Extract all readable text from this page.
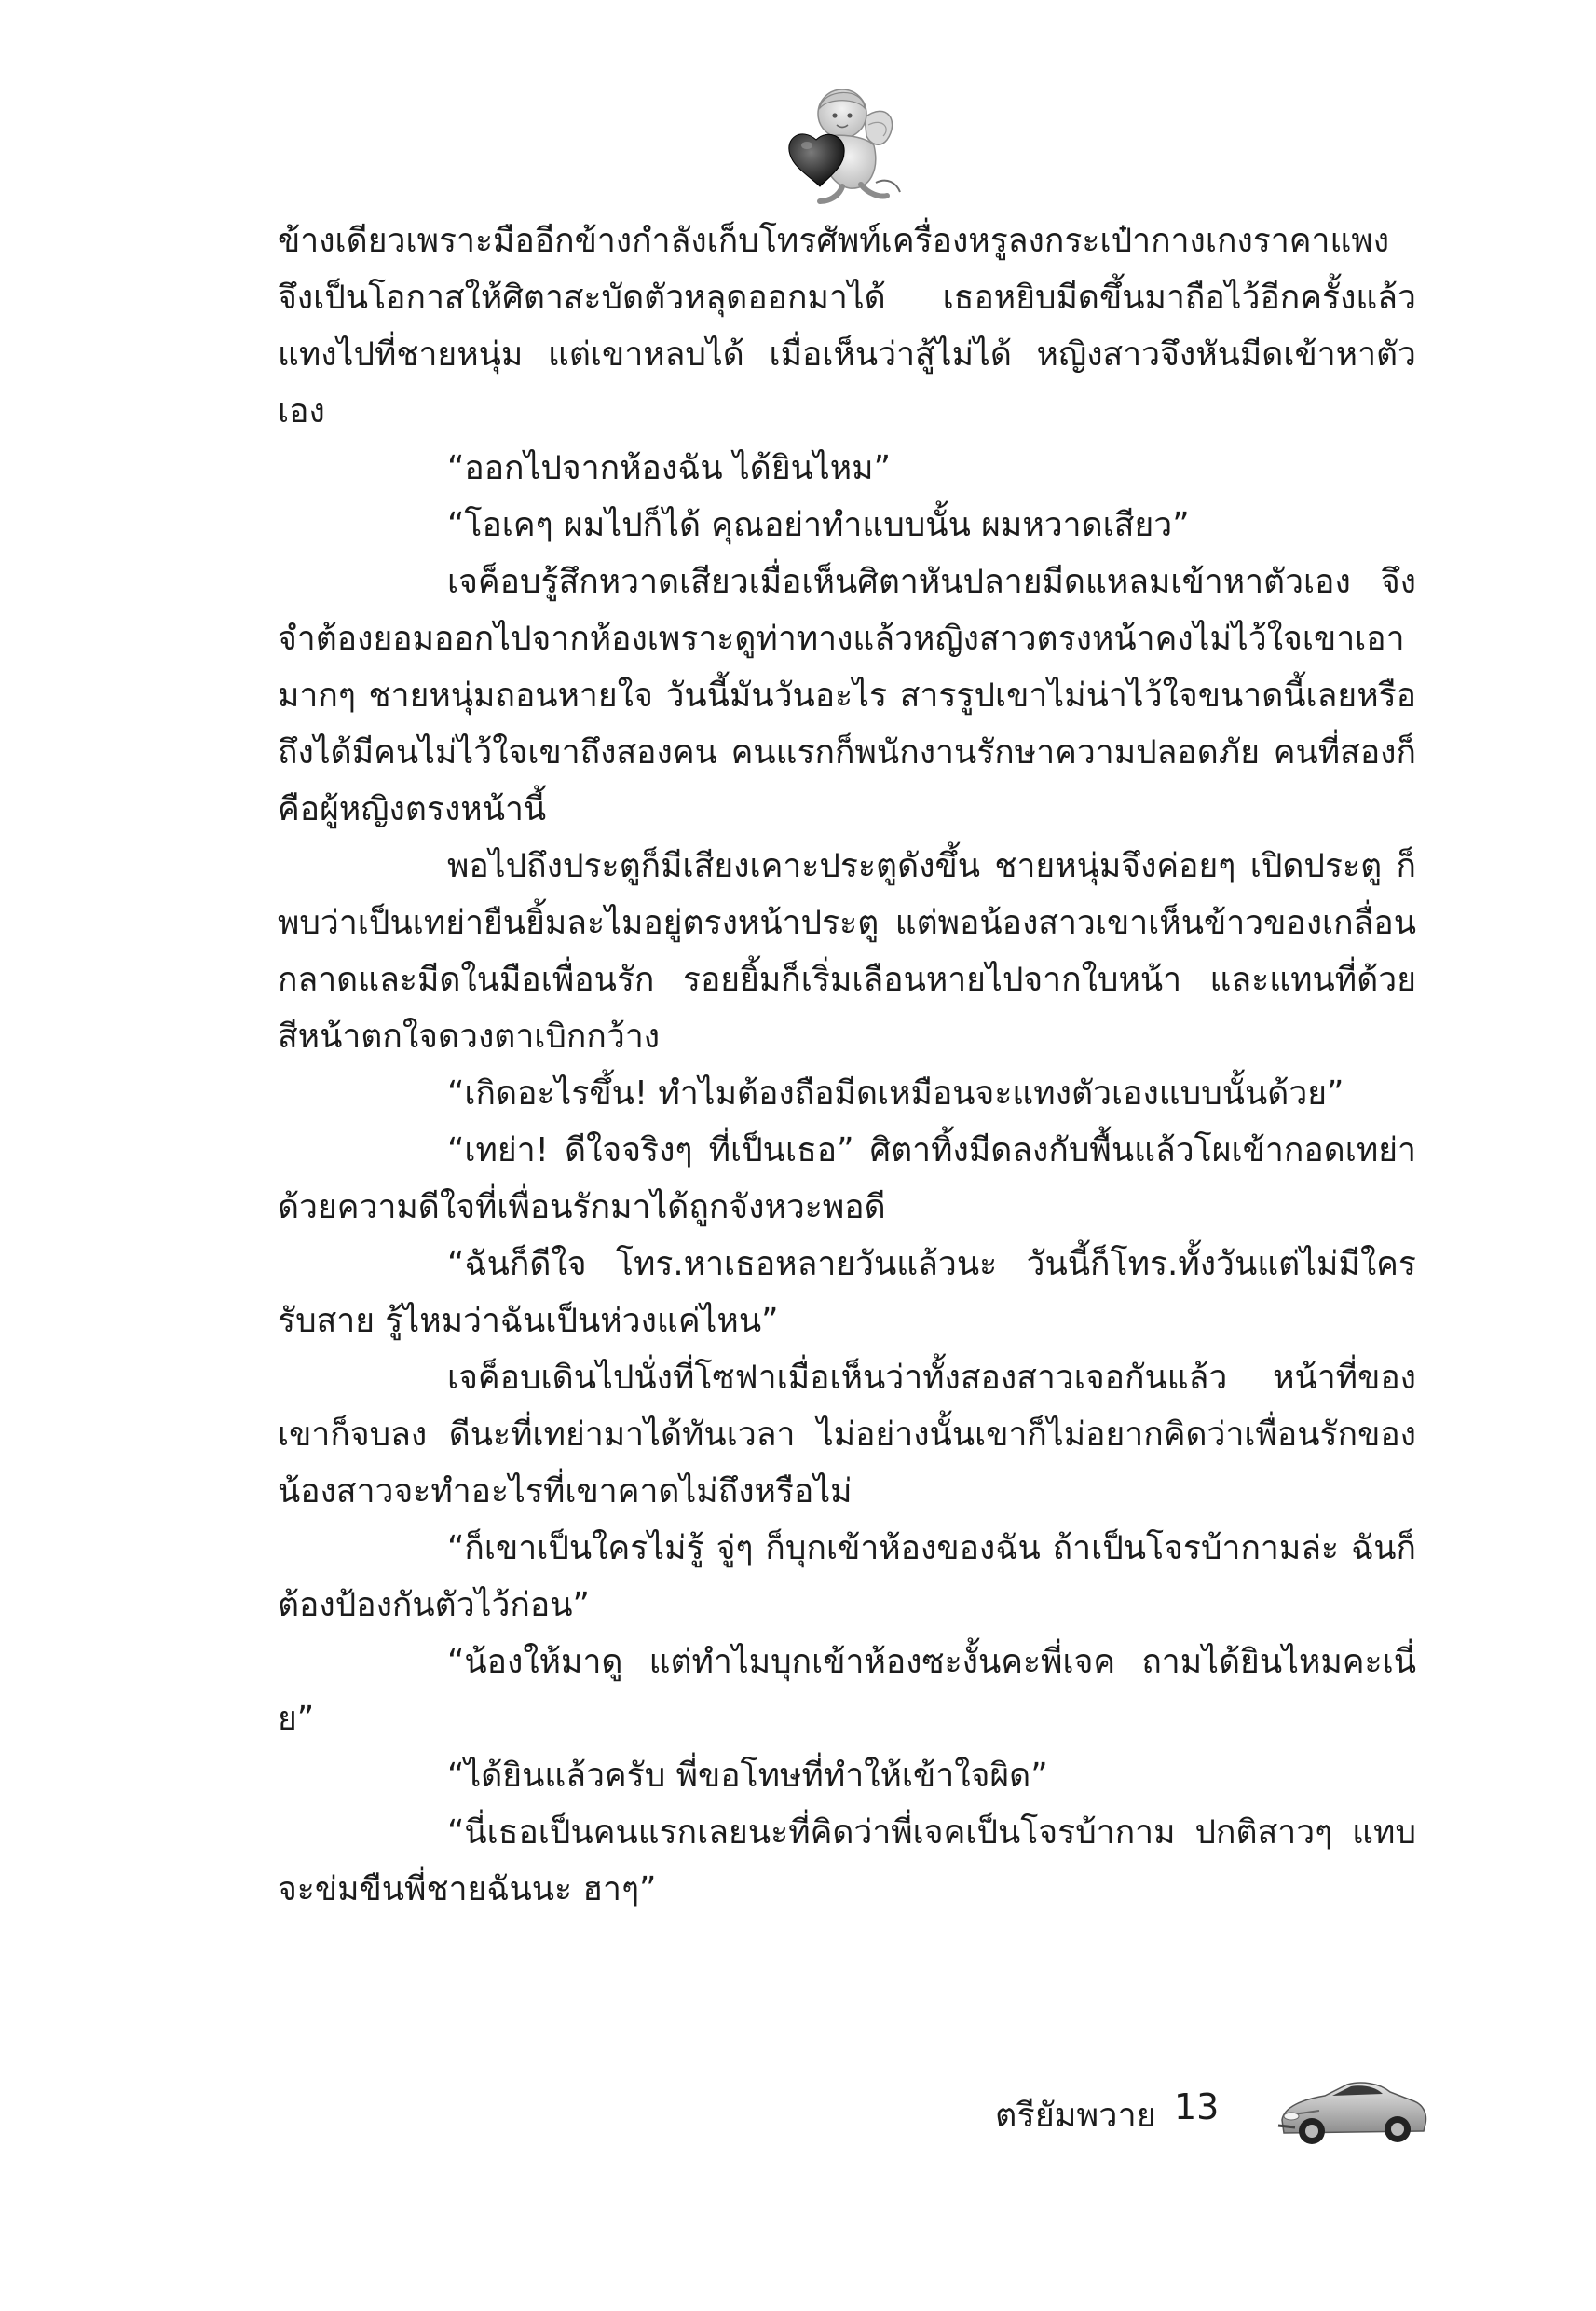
ข้างเดียวเพราะมืออีกข้างกำลังเก็บโทรศัพท์เครื่องหรูลงกระเป๋ากางเกงราคาแพง จึงเป็นโอกาสให้ศิตาสะบัดตัวหลุดออกมาได้ เธอหยิบมีดขึ้นมาถือไว้อีกครั้งแล้ว แทงไปที่ชายหนุ่ม แต่เขาหลบได้ เมื่อเห็นว่าสู้ไม่ได้ หญิงสาวจึงหันมีดเข้าหาตัวเอง

“ออกไปจากห้องฉัน ได้ยินไหม”

“โอเคๆ ผมไปก็ได้ คุณอย่าทำแบบนั้น ผมหวาดเสียว”

เจค็อบรู้สึกหวาดเสียวเมื่อเห็นศิตาหันปลายมีดแหลมเข้าหาตัวเอง จึงจำต้องยอมออกไปจากห้องเพราะดูท่าทางแล้วหญิงสาวตรงหน้าคงไม่ไว้ใจเขาเอามากๆ ชายหนุ่มถอนหายใจ วันนี้มันวันอะไร สารรูปเขาไม่น่าไว้ใจขนาดนี้เลยหรือถึงได้มีคนไม่ไว้ใจเขาถึงสองคน คนแรกก็พนักงานรักษาความปลอดภัย คนที่สองก็คือผู้หญิงตรงหน้านี้

พอไปถึงประตูก็มีเสียงเคาะประตูดังขึ้น ชายหนุ่มจึงค่อยๆ เปิดประตู ก็พบว่าเป็นเทย่ายืนยิ้มละไมอยู่ตรงหน้าประตู แต่พอน้องสาวเขาเห็นข้าวของเกลื่อนกลาดและมีดในมือเพื่อนรัก รอยยิ้มก็เริ่มเลือนหายไปจากใบหน้า และแทนที่ด้วยสีหน้าตกใจดวงตาเบิกกว้าง

“เกิดอะไรขึ้น! ทำไมต้องถือมีดเหมือนจะแทงตัวเองแบบนั้นด้วย”

“เทย่า! ดีใจจริงๆ ที่เป็นเธอ” ศิตาทิ้งมีดลงกับพื้นแล้วโผเข้ากอดเทย่าด้วยความดีใจที่เพื่อนรักมาได้ถูกจังหวะพอดี

“ฉันก็ดีใจ โทร.หาเธอหลายวันแล้วนะ วันนี้ก็โทร.ทั้งวันแต่ไม่มีใครรับสาย รู้ไหมว่าฉันเป็นห่วงแค่ไหน”

เจค็อบเดินไปนั่งที่โซฟาเมื่อเห็นว่าทั้งสองสาวเจอกันแล้ว หน้าที่ของเขาก็จบลง ดีนะที่เทย่ามาได้ทันเวลา ไม่อย่างนั้นเขาก็ไม่อยากคิดว่าเพื่อนรักของน้องสาวจะทำอะไรที่เขาคาดไม่ถึงหรือไม่

“ก็เขาเป็นใครไม่รู้ จู่ๆ ก็บุกเข้าห้องของฉัน ถ้าเป็นโจรบ้ากามล่ะ ฉันก็ต้องป้องกันตัวไว้ก่อน”

“น้องให้มาดู แต่ทำไมบุกเข้าห้องซะงั้นคะพี่เจค ถามได้ยินไหมคะเนี่ย”

“ได้ยินแล้วครับ พี่ขอโทษที่ทำให้เข้าใจผิด”

“นี่เธอเป็นคนแรกเลยนะที่คิดว่าพี่เจคเป็นโจรบ้ากาม ปกติสาวๆ แทบจะข่มขืนพี่ชายฉันนะ ฮาๆ”

ตรียัมพวาย 13
